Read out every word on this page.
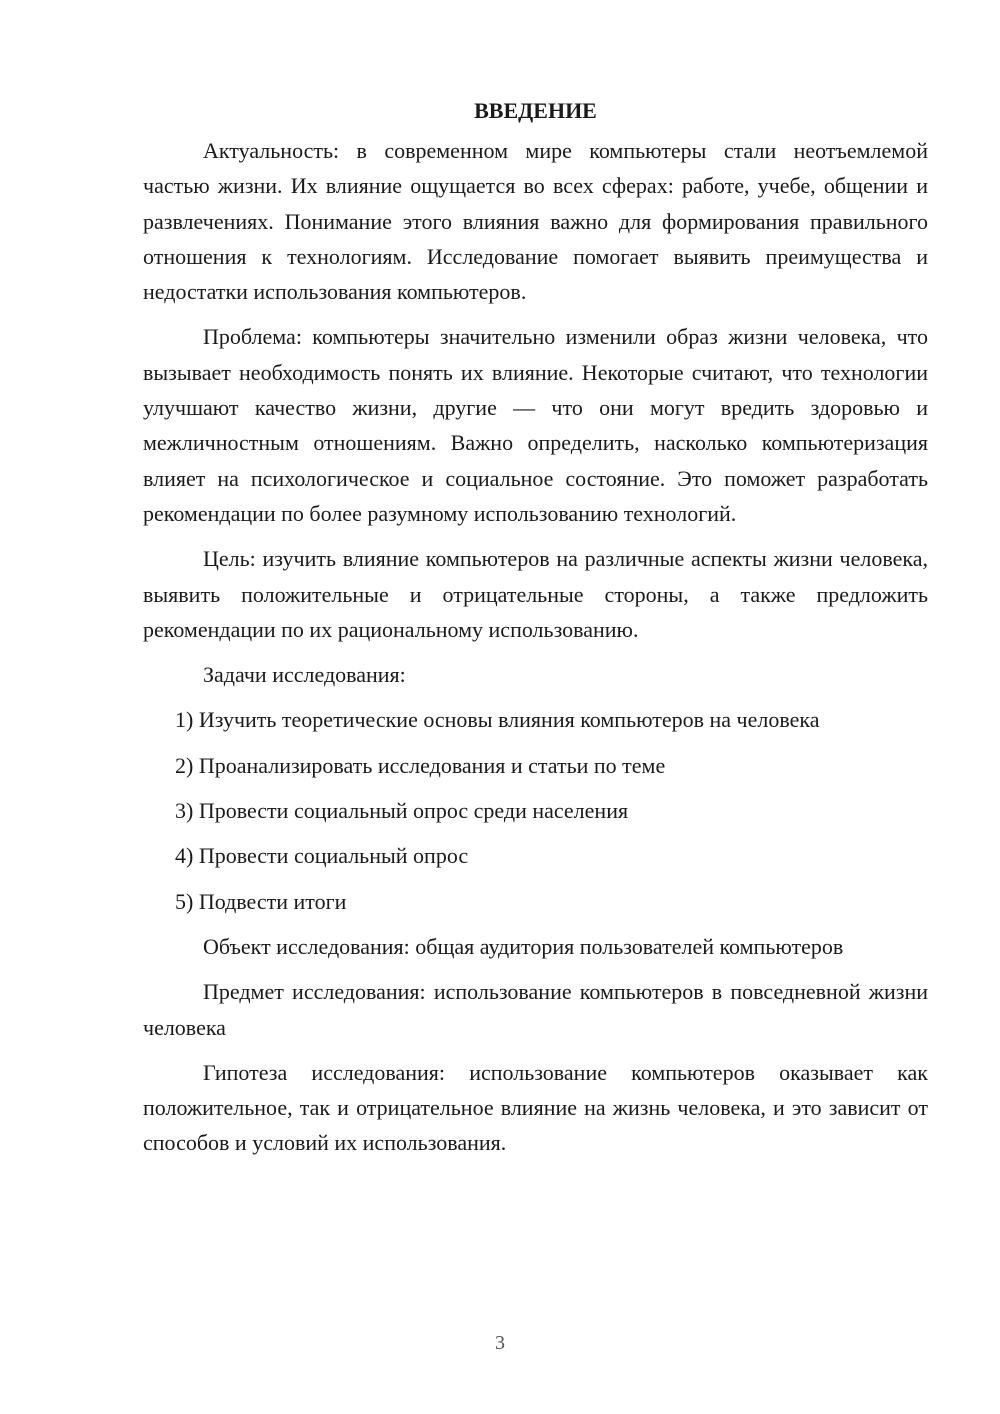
ВВЕДЕНИЕ

Актуальность: в современном мире компьютеры стали неотъемлемой частью жизни. Их влияние ощущается во всех сферах: работе, учебе, общении и развлечениях. Понимание этого влияния важно для формирования правильного отношения к технологиям. Исследование помогает выявить преимущества и недостатки использования компьютеров.

Проблема: компьютеры значительно изменили образ жизни человека, что вызывает необходимость понять их влияние. Некоторые считают, что технологии улучшают качество жизни, другие — что они могут вредить здоровью и межличностным отношениям. Важно определить, насколько компьютеризация влияет на психологическое и социальное состояние. Это поможет разработать рекомендации по более разумному использованию технологий.

Цель: изучить влияние компьютеров на различные аспекты жизни человека, выявить положительные и отрицательные стороны, а также предложить рекомендации по их рациональному использованию.

Задачи исследования:

1) Изучить теоретические основы влияния компьютеров на человека
2) Проанализировать исследования и статьи по теме
3) Провести социальный опрос среди населения
4) Провести социальный опрос
5) Подвести итоги

Объект исследования: общая аудитория пользователей компьютеров

Предмет исследования: использование компьютеров в повседневной жизни человека

Гипотеза исследования: использование компьютеров оказывает как положительное, так и отрицательное влияние на жизнь человека, и это зависит от способов и условий их использования.

3
